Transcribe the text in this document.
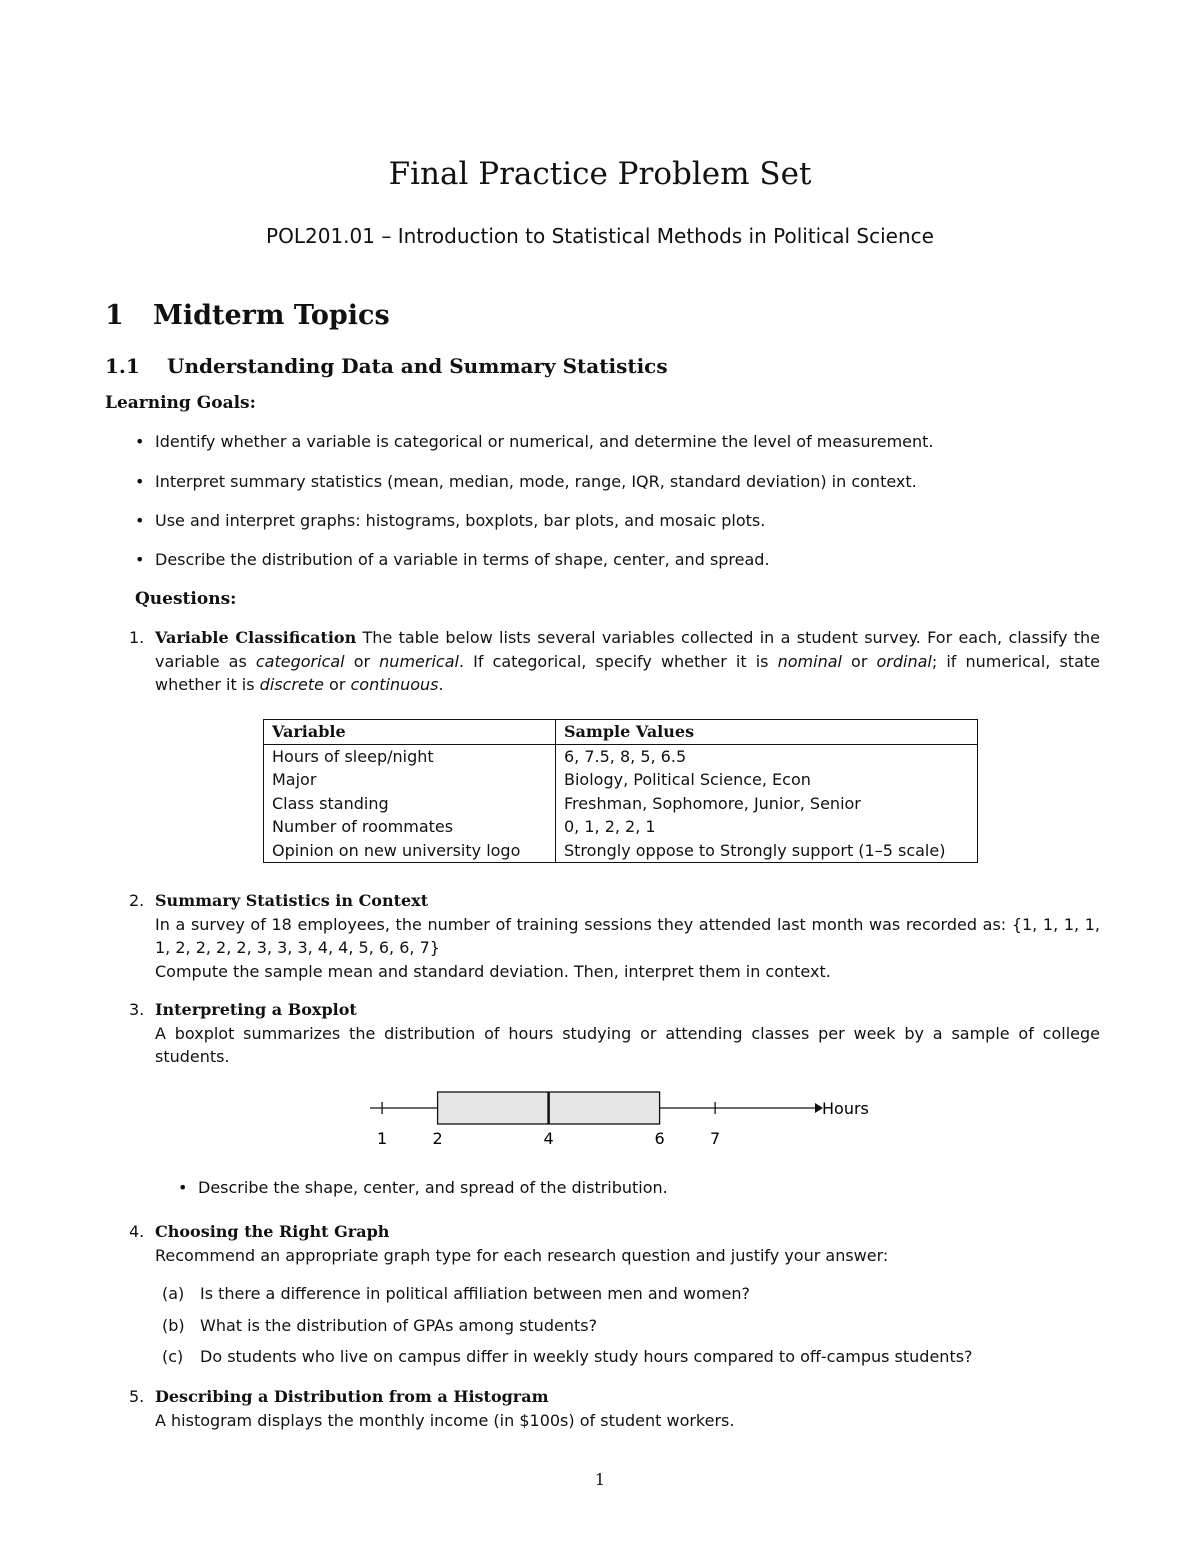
Final Practice Problem Set
POL201.01 – Introduction to Statistical Methods in Political Science
1 Midterm Topics
1.1 Understanding Data and Summary Statistics
Learning Goals:
• Identify whether a variable is categorical or numerical, and determine the level of measurement.
• Interpret summary statistics (mean, median, mode, range, IQR, standard deviation) in context.
• Use and interpret graphs: histograms, boxplots, bar plots, and mosaic plots.
• Describe the distribution of a variable in terms of shape, center, and spread.
Questions:
1. Variable Classification The table below lists several variables collected in a student survey. For each, classify the variable as categorical or numerical. If categorical, specify whether it is nominal or ordinal; if numerical, state whether it is discrete or continuous.
Variable	Sample Values
Hours of sleep/night	6, 7.5, 8, 5, 6.5
Major	Biology, Political Science, Econ
Class standing	Freshman, Sophomore, Junior, Senior
Number of roommates	0, 1, 2, 2, 1
Opinion on new university logo	Strongly oppose to Strongly support (1–5 scale)
2. Summary Statistics in Context
In a survey of 18 employees, the number of training sessions they attended last month was recorded as: {1, 1, 1, 1, 1, 2, 2, 2, 2, 3, 3, 3, 4, 4, 5, 6, 6, 7}
Compute the sample mean and standard deviation. Then, interpret them in context.
3. Interpreting a Boxplot
A boxplot summarizes the distribution of hours studying or attending classes per week by a sample of college students.
Hours
1	2	4	6	7
• Describe the shape, center, and spread of the distribution.
4. Choosing the Right Graph
Recommend an appropriate graph type for each research question and justify your answer:
(a) Is there a difference in political affiliation between men and women?
(b) What is the distribution of GPAs among students?
(c) Do students who live on campus differ in weekly study hours compared to off-campus students?
5. Describing a Distribution from a Histogram
A histogram displays the monthly income (in $100s) of student workers.
1
